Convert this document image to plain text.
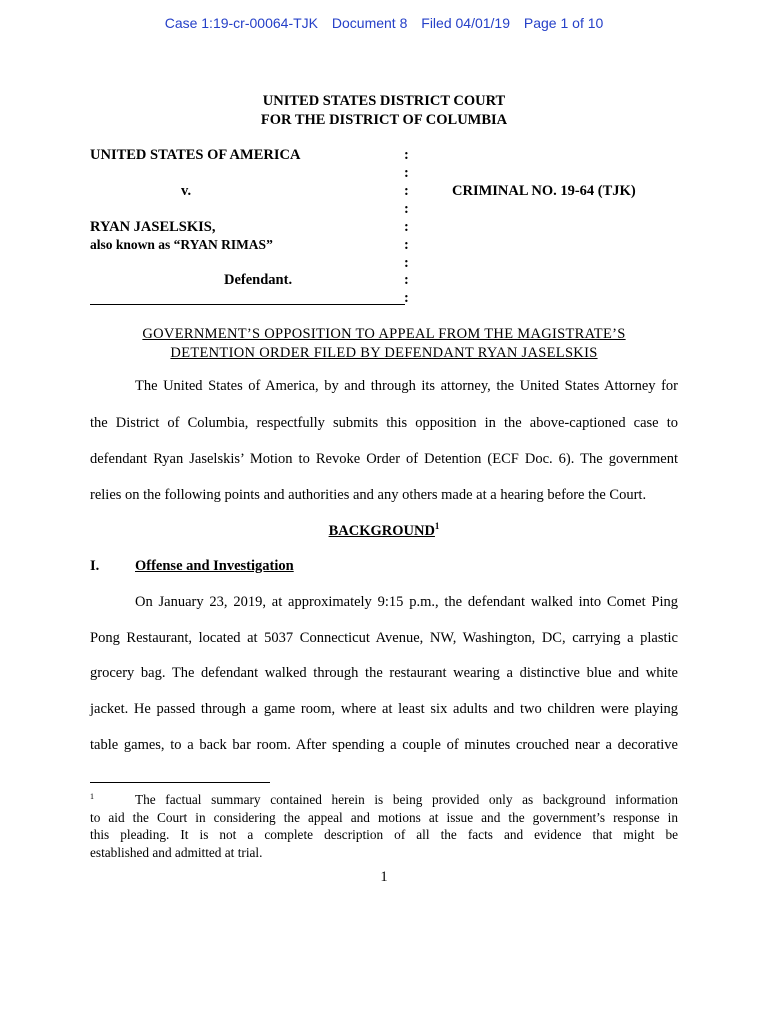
Case 1:19-cr-00064-TJK Document 8 Filed 04/01/19 Page 1 of 10
UNITED STATES DISTRICT COURT
FOR THE DISTRICT OF COLUMBIA
UNITED STATES OF AMERICA
v.
RYAN JASELSKIS,
also known as “RYAN RIMAS”
Defendant.
CRIMINAL NO. 19-64 (TJK)
:
:
:
:
:
:
:
:
:
GOVERNMENT’S OPPOSITION TO APPEAL FROM THE MAGISTRATE’S
DETENTION ORDER FILED BY DEFENDANT RYAN JASELSKIS
The United States of America, by and through its attorney, the United States Attorney for
the District of Columbia, respectfully submits this opposition in the above-captioned case to
defendant Ryan Jaselskis’ Motion to Revoke Order of Detention (ECF Doc. 6). The government
relies on the following points and authorities and any others made at a hearing before the Court.
BACKGROUND$^1$
I. Offense and Investigation
On January 23, 2019, at approximately 9:15 p.m., the defendant walked into Comet Ping
Pong Restaurant, located at 5037 Connecticut Avenue, NW, Washington, DC, carrying a plastic
grocery bag. The defendant walked through the restaurant wearing a distinctive blue and white
jacket. He passed through a game room, where at least six adults and two children were playing
table games, to a back bar room. After spending a couple of minutes crouched near a decorative
1	The factual summary contained herein is being provided only as background information
to aid the Court in considering the appeal and motions at issue and the government’s response in
this pleading. It is not a complete description of all the facts and evidence that might be
established and admitted at trial.
1
